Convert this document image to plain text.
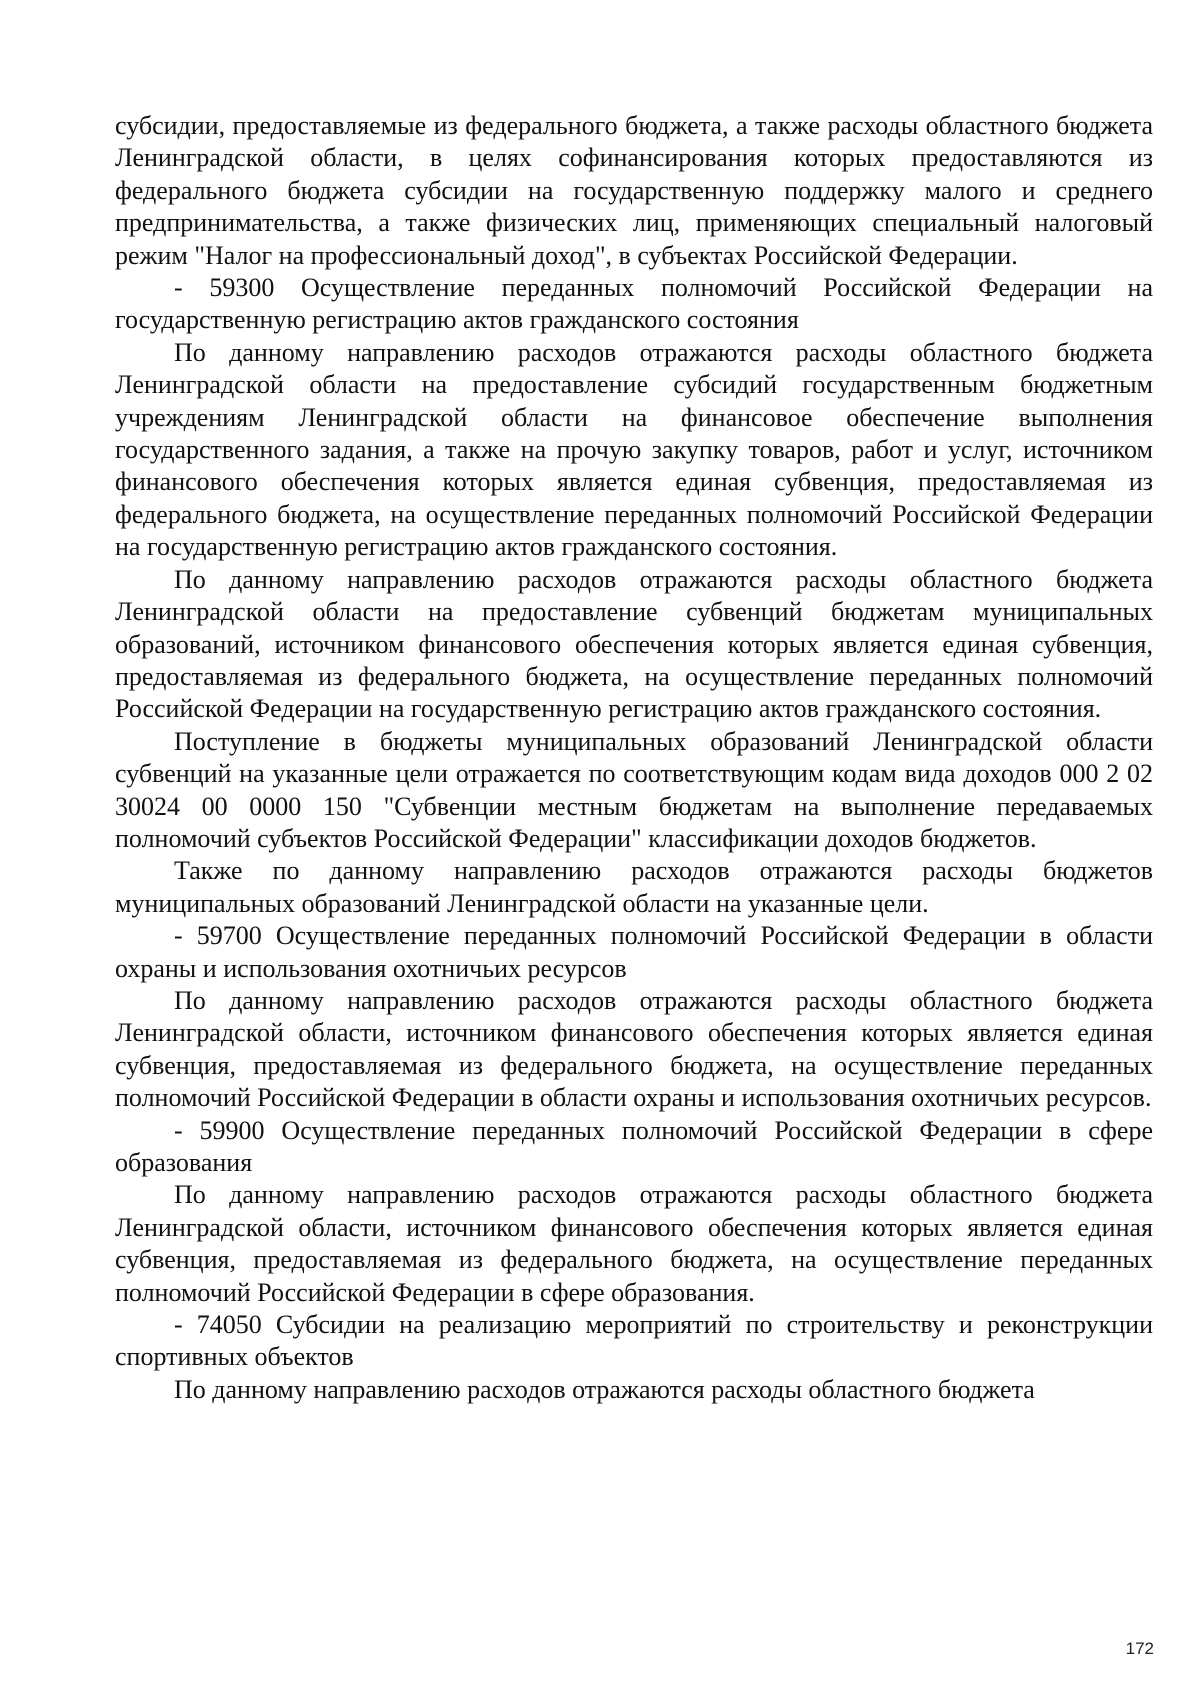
субсидии, предоставляемые из федерального бюджета, а также расходы областного бюджета Ленинградской области, в целях софинансирования которых предоставляются из федерального бюджета субсидии на государственную поддержку малого и среднего предпринимательства, а также физических лиц, применяющих специальный налоговый режим "Налог на профессиональный доход", в субъектах Российской Федерации.

- 59300 Осуществление переданных полномочий Российской Федерации на государственную регистрацию актов гражданского состояния

По данному направлению расходов отражаются расходы областного бюджета Ленинградской области на предоставление субсидий государственным бюджетным учреждениям Ленинградской области на финансовое обеспечение выполнения государственного задания, а также на прочую закупку товаров, работ и услуг, источником финансового обеспечения которых является единая субвенция, предоставляемая из федерального бюджета, на осуществление переданных полномочий Российской Федерации на государственную регистрацию актов гражданского состояния.

По данному направлению расходов отражаются расходы областного бюджета Ленинградской области на предоставление субвенций бюджетам муниципальных образований, источником финансового обеспечения которых является единая субвенция, предоставляемая из федерального бюджета, на осуществление переданных полномочий Российской Федерации на государственную регистрацию актов гражданского состояния.

Поступление в бюджеты муниципальных образований Ленинградской области субвенций на указанные цели отражается по соответствующим кодам вида доходов 000 2 02 30024 00 0000 150 "Субвенции местным бюджетам на выполнение передаваемых полномочий субъектов Российской Федерации" классификации доходов бюджетов.

Также по данному направлению расходов отражаются расходы бюджетов муниципальных образований Ленинградской области на указанные цели.

- 59700 Осуществление переданных полномочий Российской Федерации в области охраны и использования охотничьих ресурсов

По данному направлению расходов отражаются расходы областного бюджета Ленинградской области, источником финансового обеспечения которых является единая субвенция, предоставляемая из федерального бюджета, на осуществление переданных полномочий Российской Федерации в области охраны и использования охотничьих ресурсов.

- 59900 Осуществление переданных полномочий Российской Федерации в сфере образования

По данному направлению расходов отражаются расходы областного бюджета Ленинградской области, источником финансового обеспечения которых является единая субвенция, предоставляемая из федерального бюджета, на осуществление переданных полномочий Российской Федерации в сфере образования.

- 74050 Субсидии на реализацию мероприятий по строительству и реконструкции спортивных объектов

По данному направлению расходов отражаются расходы областного бюджета

172
